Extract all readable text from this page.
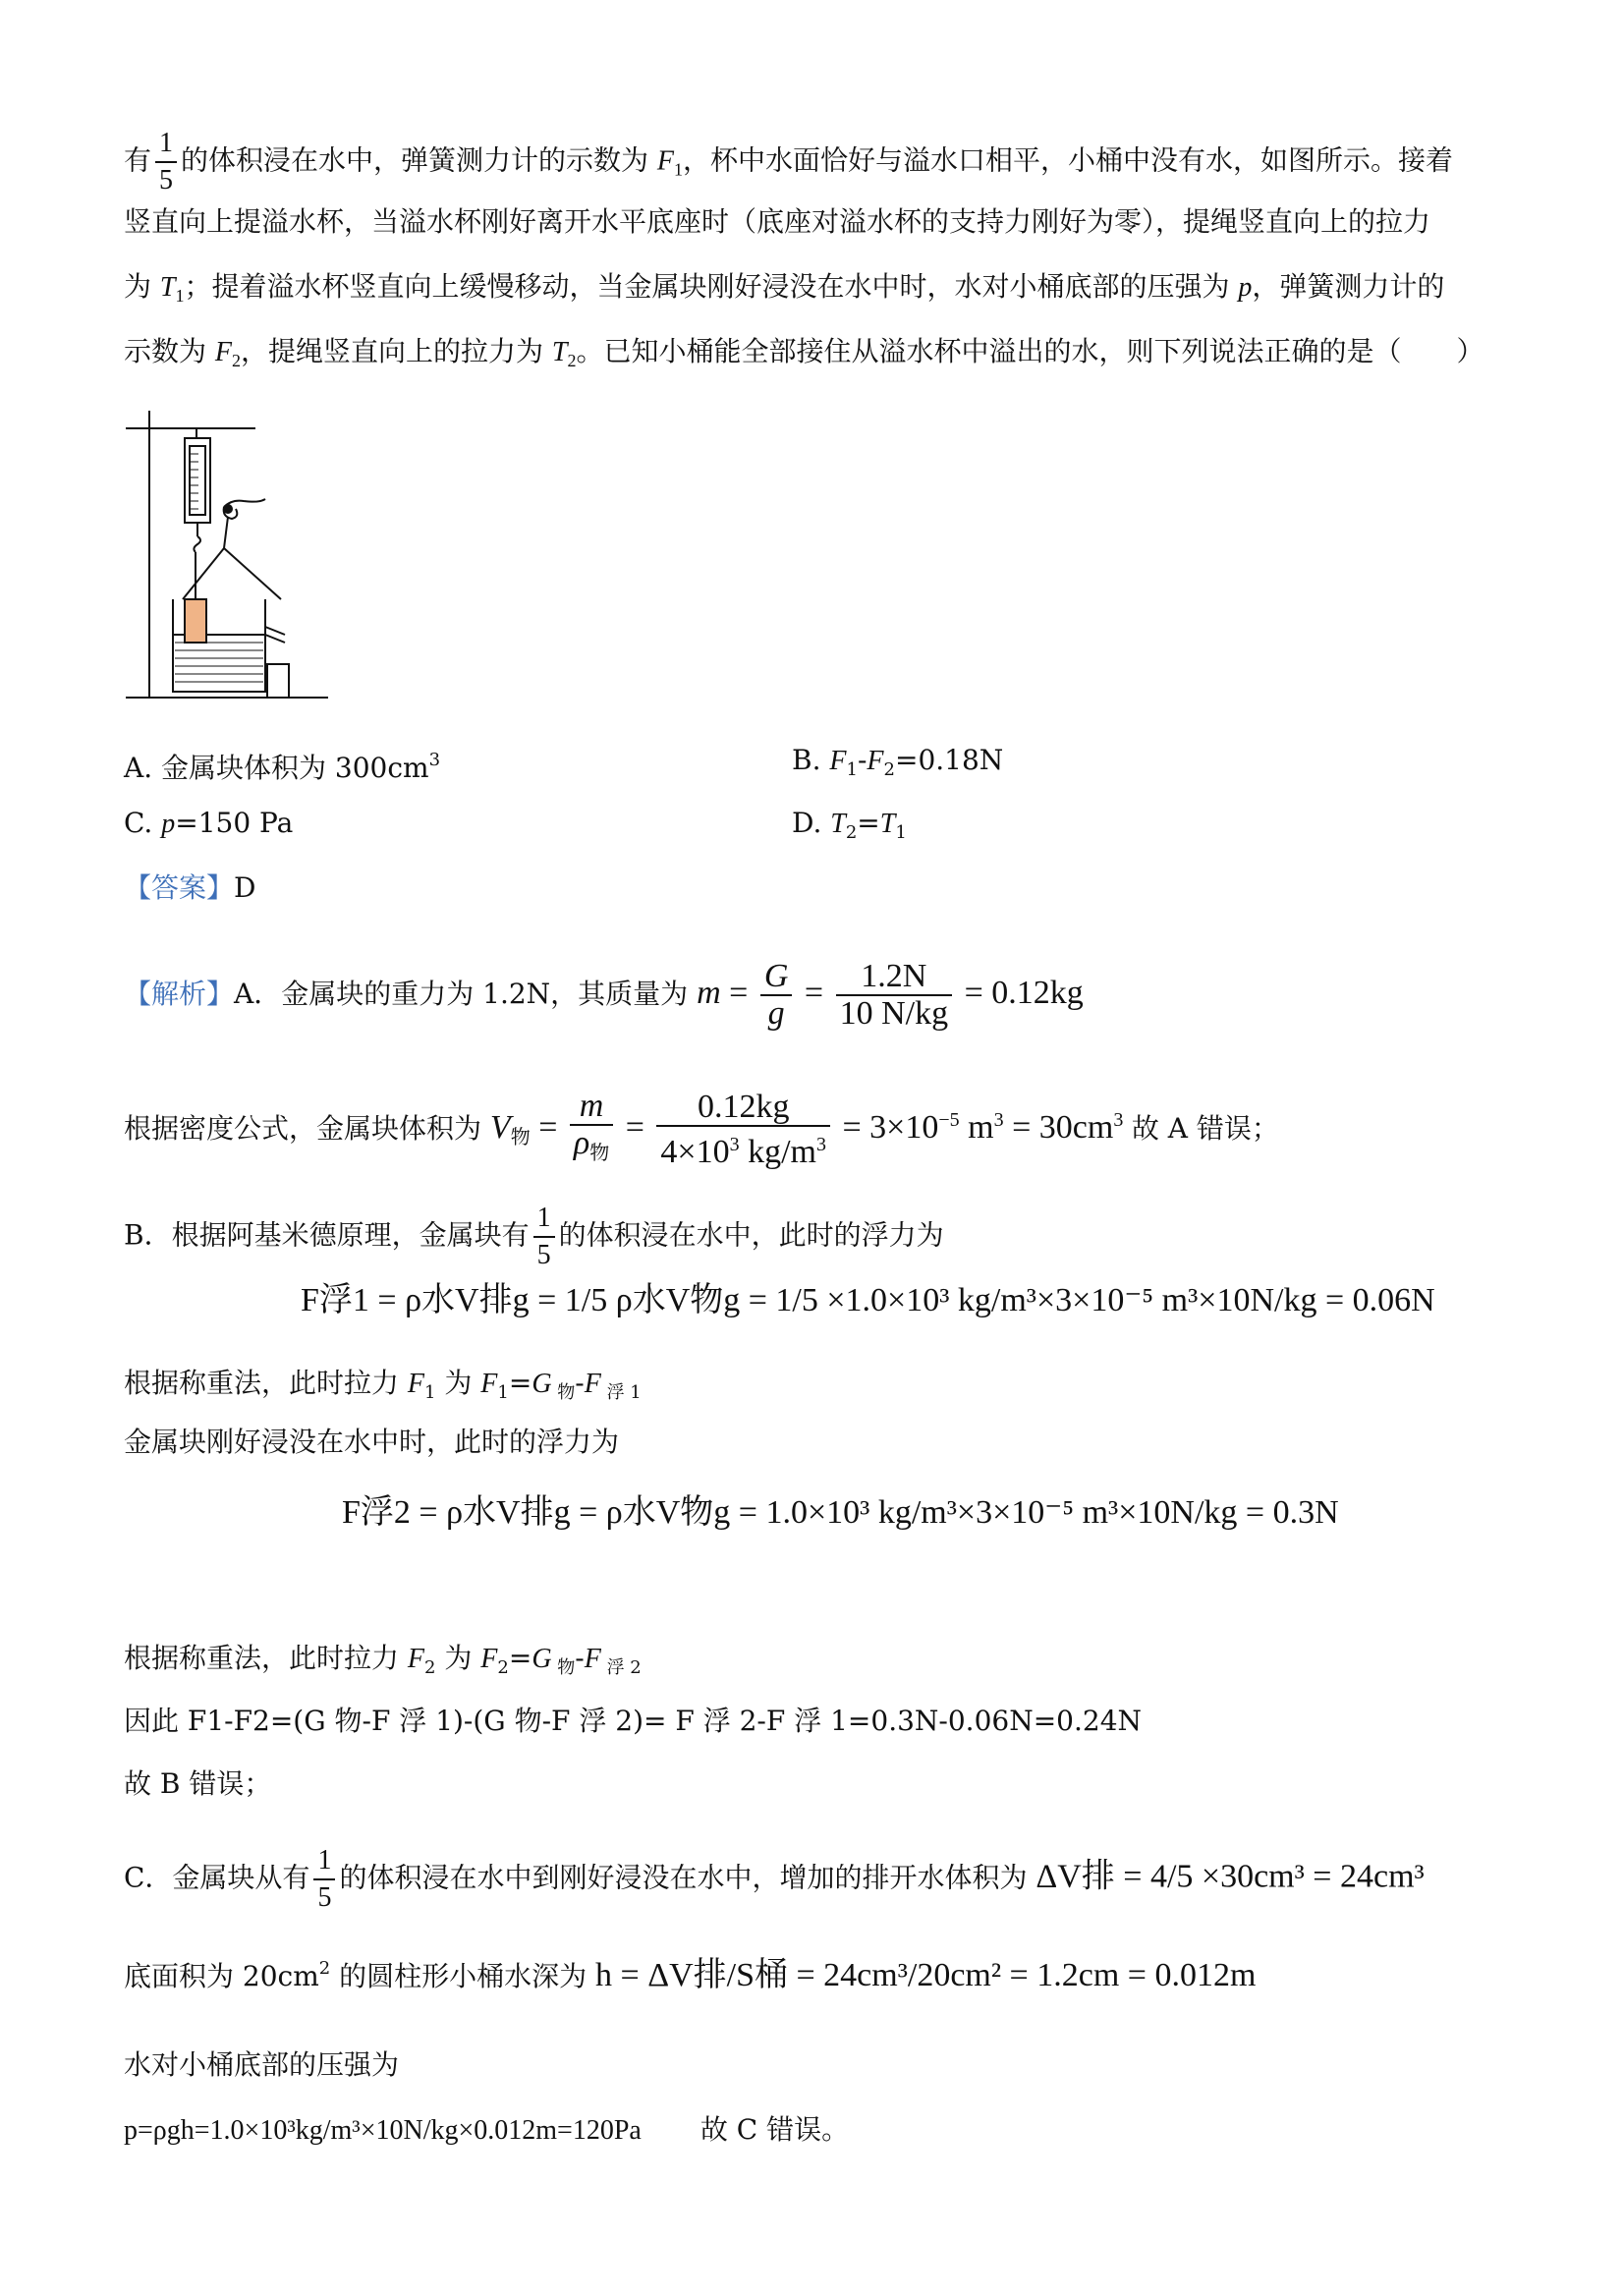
有 $\frac{1}{5}$ 的体积浸在水中，弹簧测力计的示数为 $F_1$，杯中水面恰好与溢水口相平，小桶中没有水，如图所示。接着
竖直向上提溢水杯，当溢水杯刚好离开水平底座时（底座对溢水杯的支持力刚好为零），提绳竖直向上的拉力
为 $T_1$；提着溢水杯竖直向上缓慢移动，当金属块刚好浸没在水中时，水对小桶底部的压强为 p，弹簧测力计的
示数为 $F_2$，提绳竖直向上的拉力为 $T_2$。已知小桶能全部接住从溢水杯中溢出的水，则下列说法正确的是（　　）
A. 金属块体积为 $300cm^3$	B. $F_1-F_2=0.18N$
C. p=150 Pa	D. $T_2=T_1$
【答案】D
【解析】A．金属块的重力为 1.2N，其质量为 $m = \frac{G}{g} = \frac{1.2N}{10 N/kg} = 0.12kg$
根据密度公式，金属块体积为 $V_物 = \frac{m}{\rho_物} = \frac{0.12kg}{4\times 10^3 kg/m^3} = 3\times 10^{-5}$ $m^3 = 30cm^3$ 故 A 错误；
B．根据阿基米德原理，金属块有 $\frac{1}{5}$ 的体积浸在水中，此时的浮力为
F浮1 = ρ水V排g = 1/5 ρ水V物g = 1/5 ×1.0×10³ kg/m³×3×10⁻⁵ m³×10N/kg = 0.06N
根据称重法，此时拉力 $F_1$ 为 $F_1=G$ $_物$-F $_{浮 1}$
金属块刚好浸没在水中时，此时的浮力为
F浮2 = ρ水V排g = ρ水V物g = 1.0×10³ kg/m³×3×10⁻⁵ m³×10N/kg = 0.3N
根据称重法，此时拉力 $F_2$ 为 $F_2=G$ $_物$-F $_{浮 2}$
因此 F1-F2=(G 物-F 浮 1)-(G 物-F 浮 2)= F 浮 2-F 浮 1=0.3N-0.06N=0.24N
故 B 错误；
C．金属块从有 $\frac{1}{5}$ 的体积浸在水中到刚好浸没在水中，增加的排开水体积为 ΔV排 = 4/5 ×30cm³ = 24cm³
底面积为 $20cm^2$ 的圆柱形小桶水深为 h = ΔV排/S桶 = 24cm³/20cm² = 1.2cm = 0.012m
水对小桶底部的压强为
p=ρgh=1.0×10³kg/m³×10N/kg×0.012m=120Pa 故 C 错误。
